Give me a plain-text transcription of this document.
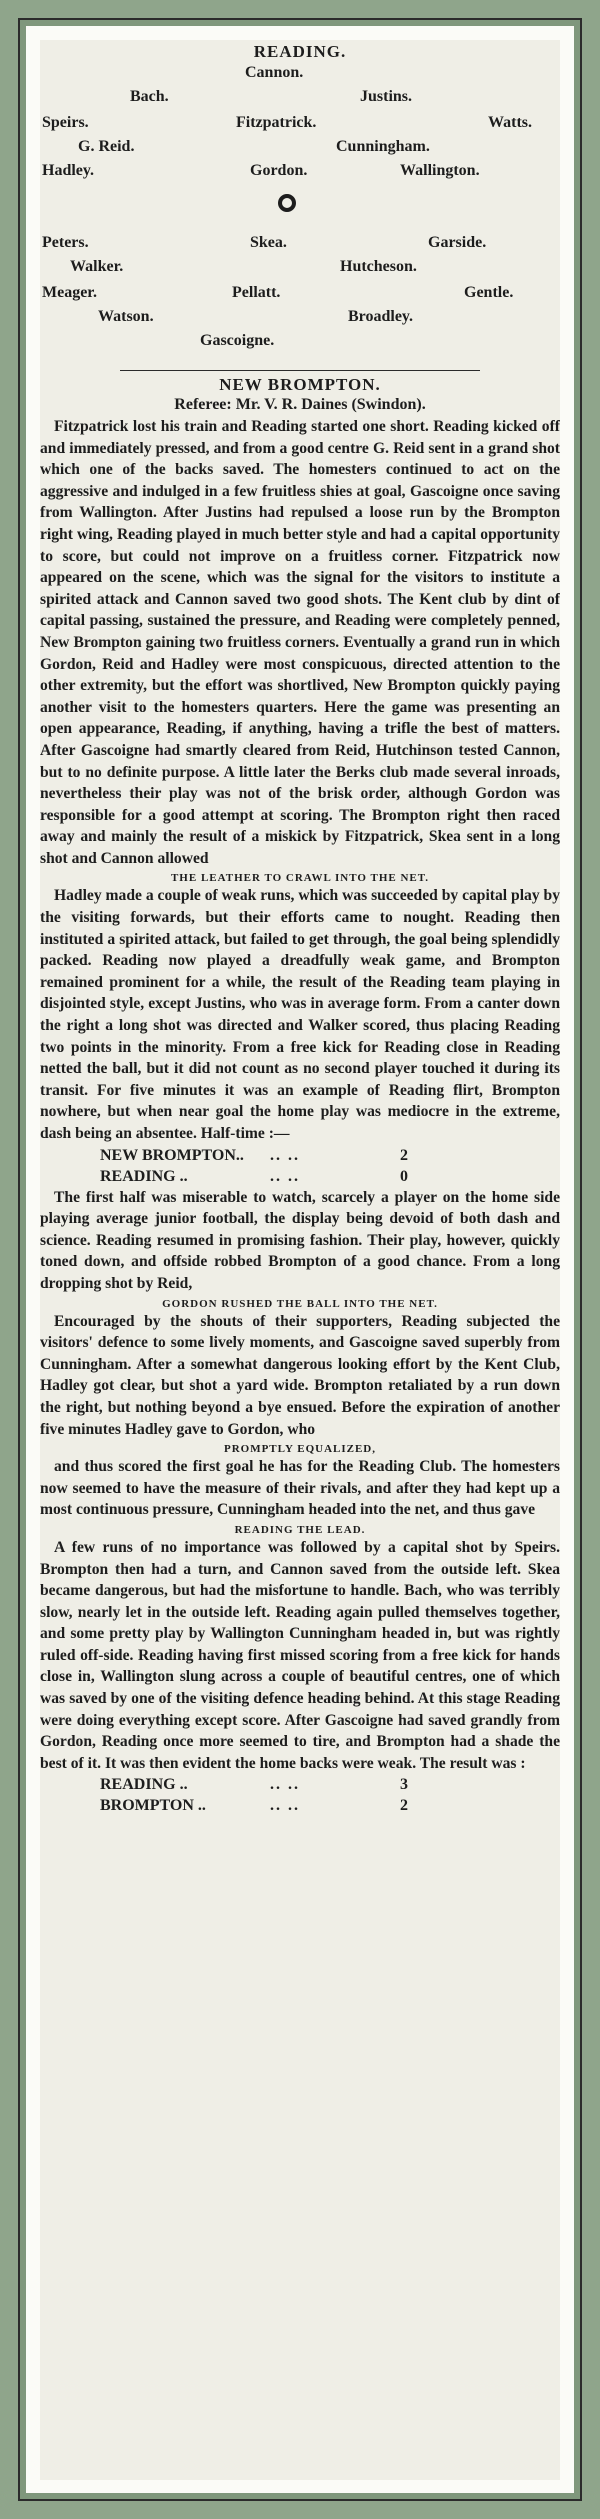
READING.
Cannon.
Bach.	Justins.
Speirs.	Fitzpatrick.	Watts.
G. Reid.	Cunningham.
Hadley.	Gordon.	Wallington.
Peters.	Skea.	Garside.
Walker.	Hutcheson.
Meager.	Pellatt.	Gentle.
Watson.	Broadley.
Gascoigne.
NEW BROMPTON.
Referee: Mr. V. R. Daines (Swindon).

Fitzpatrick lost his train and Reading started one short. Reading kicked off and immediately pressed, and from a good centre G. Reid sent in a grand shot which one of the backs saved. The homesters continued to act on the aggressive and indulged in a few fruitless shies at goal, Gascoigne once saving from Wallington. After Justins had repulsed a loose run by the Brompton right wing, Reading played in much better style and had a capital opportunity to score, but could not improve on a fruitless corner. Fitzpatrick now appeared on the scene, which was the signal for the visitors to institute a spirited attack and Cannon saved two good shots. The Kent club by dint of capital passing, sustained the pressure, and Reading were completely penned, New Brompton gaining two fruitless corners. Eventually a grand run in which Gordon, Reid and Hadley were most conspicuous, directed attention to the other extremity, but the effort was shortlived, New Brompton quickly paying another visit to the homesters quarters. Here the game was presenting an open appearance, Reading, if anything, having a trifle the best of matters. After Gascoigne had smartly cleared from Reid, Hutchinson tested Cannon, but to no definite purpose. A little later the Berks club made several inroads, nevertheless their play was not of the brisk order, although Gordon was responsible for a good attempt at scoring. The Brompton right then raced away and mainly the result of a miskick by Fitzpatrick, Skea sent in a long shot and Cannon allowed

THE LEATHER TO CRAWL INTO THE NET.

Hadley made a couple of weak runs, which was succeeded by capital play by the visiting forwards, but their efforts came to nought. Reading then instituted a spirited attack, but failed to get through, the goal being splendidly packed. Reading now played a dreadfully weak game, and Brompton remained prominent for a while, the result of the Reading team playing in disjointed style, except Justins, who was in average form. From a canter down the right a long shot was directed and Walker scored, thus placing Reading two points in the minority. From a free kick for Reading close in Reading netted the ball, but it did not count as no second player touched it during its transit. For five minutes it was an example of Reading flirt, Brompton nowhere, but when near goal the home play was mediocre in the extreme, dash being an absentee. Half-time :—

NEW BROMPTON.. .. ..	2
READING ..	.. ..	0

The first half was miserable to watch, scarcely a player on the home side playing average junior football, the display being devoid of both dash and science. Reading resumed in promising fashion. Their play, however, quickly toned down, and offside robbed Brompton of a good chance. From a long dropping shot by Reid,

GORDON RUSHED THE BALL INTO THE NET.

Encouraged by the shouts of their supporters, Reading subjected the visitors' defence to some lively moments, and Gascoigne saved superbly from Cunningham. After a somewhat dangerous looking effort by the Kent Club, Hadley got clear, but shot a yard wide. Brompton retaliated by a run down the right, but nothing beyond a bye ensued. Before the expiration of another five minutes Hadley gave to Gordon, who

PROMPTLY EQUALIZED,

and thus scored the first goal he has for the Reading Club. The homesters now seemed to have the measure of their rivals, and after they had kept up a most continuous pressure, Cunningham headed into the net, and thus gave

READING THE LEAD.

A few runs of no importance was followed by a capital shot by Speirs. Brompton then had a turn, and Cannon saved from the outside left. Skea became dangerous, but had the misfortune to handle. Bach, who was terribly slow, nearly let in the outside left. Reading again pulled themselves together, and some pretty play by Wallington Cunningham headed in, but was rightly ruled off-side. Reading having first missed scoring from a free kick for hands close in, Wallington slung across a couple of beautiful centres, one of which was saved by one of the visiting defence heading behind. At this stage Reading were doing everything except score. After Gascoigne had saved grandly from Gordon, Reading once more seemed to tire, and Brompton had a shade the best of it. It was then evident the home backs were weak. The result was :

READING ..	.. ..	3
BROMPTON ..	.. ..	2
